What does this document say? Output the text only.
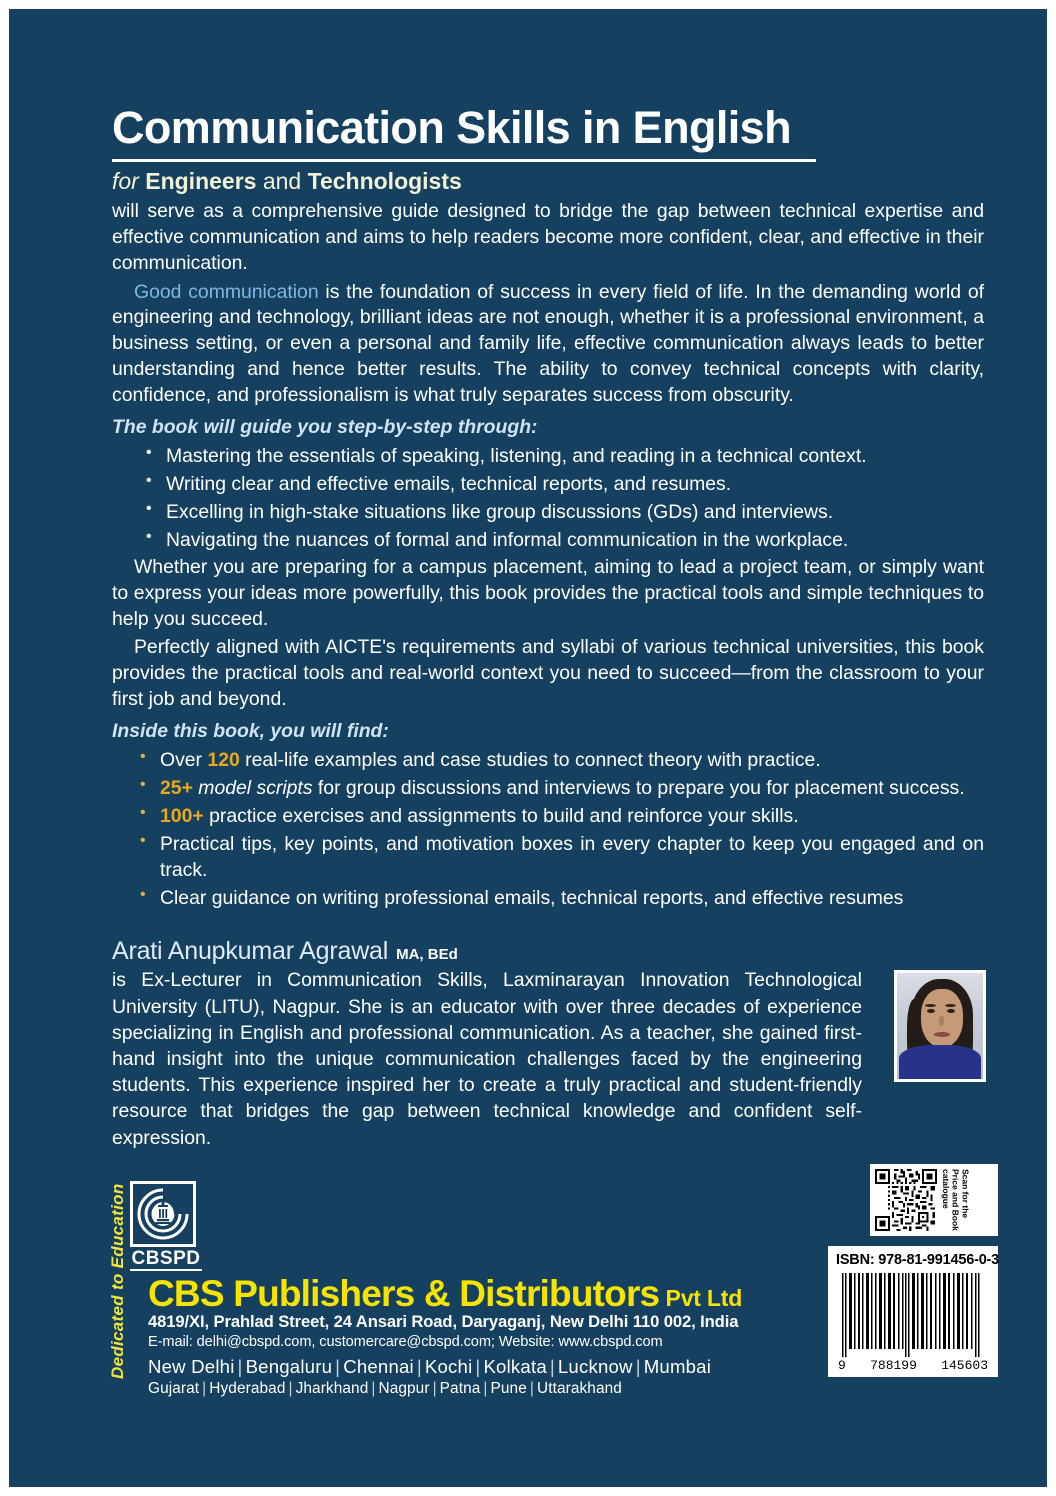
Communication Skills in English
for Engineers and Technologists

will serve as a comprehensive guide designed to bridge the gap between technical expertise and effective communication and aims to help readers become more confident, clear, and effective in their communication.

Good communication is the foundation of success in every field of life. In the demanding world of engineering and technology, brilliant ideas are not enough, whether it is a professional environment, a business setting, or even a personal and family life, effective communication always leads to better understanding and hence better results. The ability to convey technical concepts with clarity, confidence, and professionalism is what truly separates success from obscurity.

The book will guide you step-by-step through:
• Mastering the essentials of speaking, listening, and reading in a technical context.
• Writing clear and effective emails, technical reports, and resumes.
• Excelling in high-stake situations like group discussions (GDs) and interviews.
• Navigating the nuances of formal and informal communication in the workplace.

Whether you are preparing for a campus placement, aiming to lead a project team, or simply want to express your ideas more powerfully, this book provides the practical tools and simple techniques to help you succeed.

Perfectly aligned with AICTE's requirements and syllabi of various technical universities, this book provides the practical tools and real-world context you need to succeed—from the classroom to your first job and beyond.

Inside this book, you will find:
• Over 120 real-life examples and case studies to connect theory with practice.
• 25+ model scripts for group discussions and interviews to prepare you for placement success.
• 100+ practice exercises and assignments to build and reinforce your skills.
• Practical tips, key points, and motivation boxes in every chapter to keep you engaged and on track.
• Clear guidance on writing professional emails, technical reports, and effective resumes
Arati Anupkumar Agrawal MA, BEd
is Ex-Lecturer in Communication Skills, Laxminarayan Innovation Technological University (LITU), Nagpur. She is an educator with over three decades of experience specializing in English and professional communication. As a teacher, she gained first-hand insight into the unique communication challenges faced by the engineering students. This experience inspired her to create a truly practical and student-friendly resource that bridges the gap between technical knowledge and confident self-expression.
Dedicated to Education CBSPD
CBS Publishers & Distributors Pvt Ltd
4819/XI, Prahlad Street, 24 Ansari Road, Daryaganj, New Delhi 110 002, India
E-mail: delhi@cbspd.com, customercare@cbspd.com; Website: www.cbspd.com
New Delhi | Bengaluru | Chennai | Kochi | Kolkata | Lucknow | Mumbai
Gujarat | Hyderabad | Jharkhand | Nagpur | Patna | Pune | Uttarakhand
Scan for the Price and Book catalogue
ISBN: 978-81-991456-0-3
9 788199 145603
